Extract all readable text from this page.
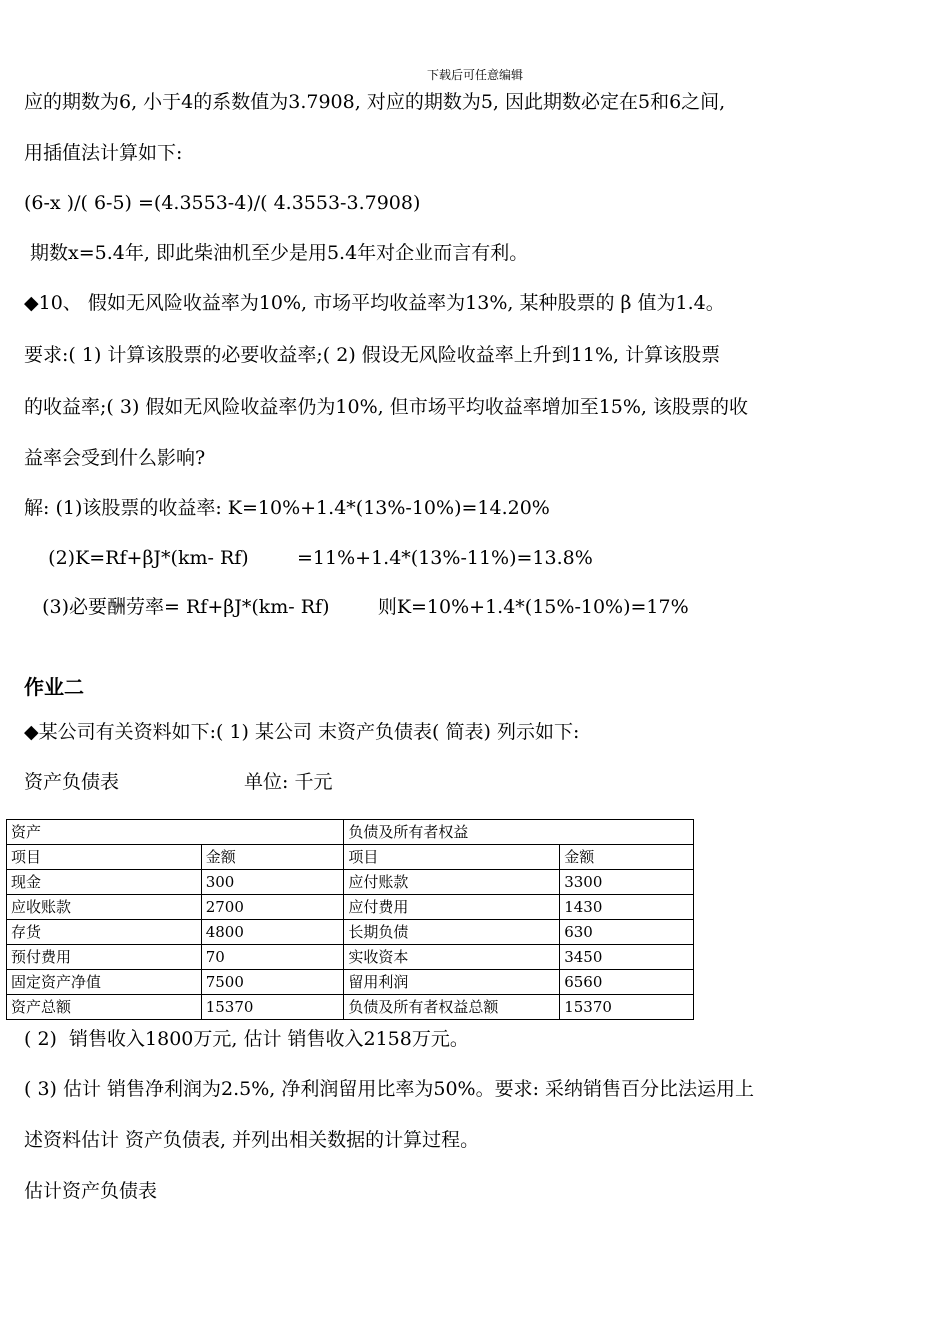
下载后可任意编辑
应的期数为6, 小于4的系数值为3.7908, 对应的期数为5, 因此期数必定在5和6之间,
用插值法计算如下:
(6-x )/( 6-5) =(4.3553-4)/( 4.3553-3.7908)
期数x=5.4年, 即此柴油机至少是用5.4年对企业而言有利。
◆10、 假如无风险收益率为10%, 市场平均收益率为13%, 某种股票的 β 值为1.4。
要求:( 1) 计算该股票的必要收益率;( 2) 假设无风险收益率上升到11%, 计算该股票
的收益率;( 3) 假如无风险收益率仍为10%, 但市场平均收益率增加至15%, 该股票的收
益率会受到什么影响?
解: (1)该股票的收益率: K=10%+1.4*(13%-10%)=14.20%
(2)K=Rf+βJ*(km- Rf)        =11%+1.4*(13%-11%)=13.8%
(3)必要酬劳率= Rf+βJ*(km- Rf)        则K=10%+1.4*(15%-10%)=17%
作业二
◆某公司有关资料如下:( 1) 某公司 末资产负债表( 简表) 列示如下:
资产负债表	单位: 千元
资产		负债及所有者权益	
项目	金额	项目	金额
现金	300	应付账款	3300
应收账款	2700	应付费用	1430
存货	4800	长期负债	630
预付费用	70	实收资本	3450
固定资产净值	7500	留用利润	6560
资产总额	15370	负债及所有者权益总额	15370
( 2)  销售收入1800万元, 估计 销售收入2158万元。
( 3) 估计 销售净利润为2.5%, 净利润留用比率为50%。要求: 采纳销售百分比法运用上
述资料估计 资产负债表, 并列出相关数据的计算过程。
估计资产负债表
